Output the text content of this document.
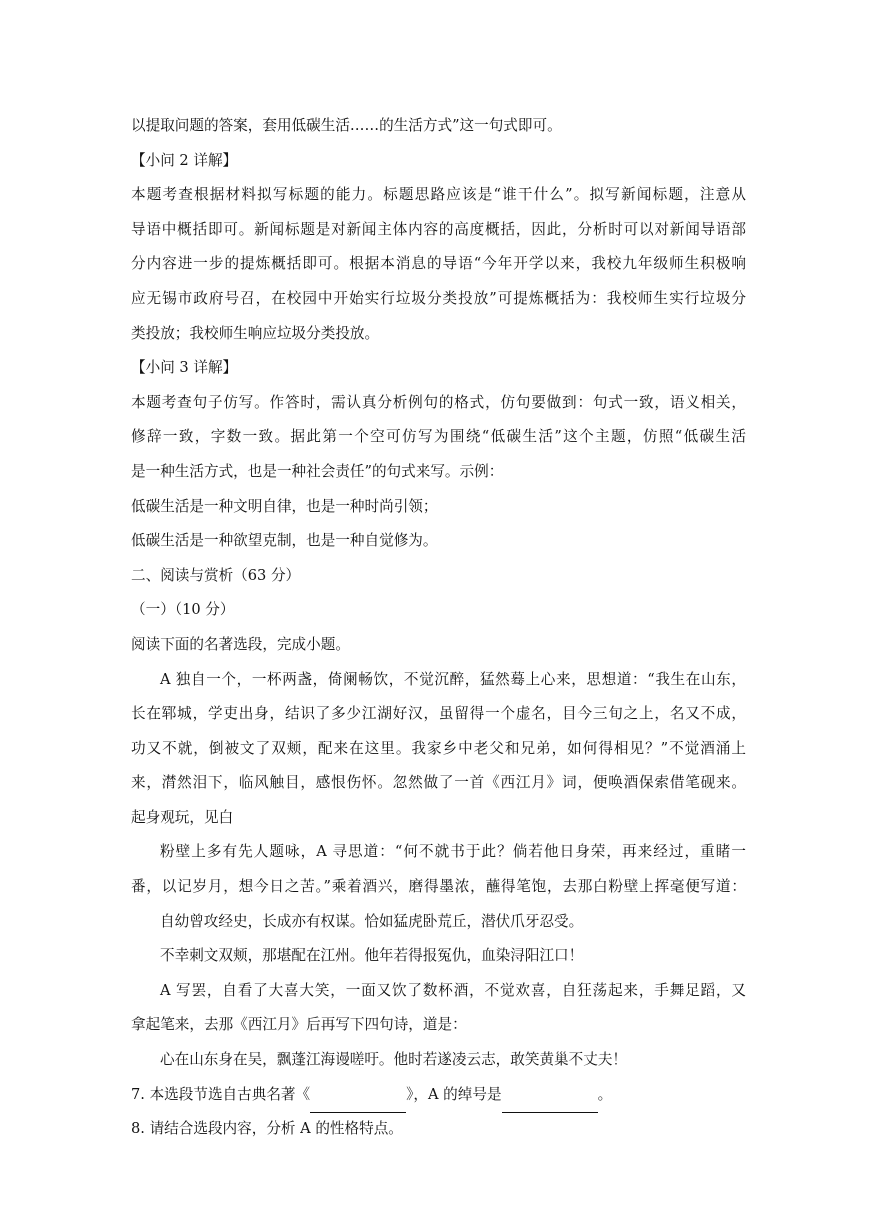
以提取问题的答案，套用低碳生活……的生活方式”这一句式即可。
【小问 2 详解】
本题考查根据材料拟写标题的能力。标题思路应该是“谁干什么”。拟写新闻标题，注意从
导语中概括即可。新闻标题是对新闻主体内容的高度概括，因此，分析时可以对新闻导语部
分内容进一步的提炼概括即可。根据本消息的导语“今年开学以来，我校九年级师生积极响
应无锡市政府号召，在校园中开始实行垃圾分类投放”可提炼概括为：我校师生实行垃圾分
类投放；我校师生响应垃圾分类投放。
【小问 3 详解】
本题考查句子仿写。作答时，需认真分析例句的格式，仿句要做到：句式一致，语义相关，
修辞一致，字数一致。据此第一个空可仿写为围绕“低碳生活”这个主题，仿照“低碳生活
是一种生活方式，也是一种社会责任”的句式来写。示例：
低碳生活是一种文明自律，也是一种时尚引领；
低碳生活是一种欲望克制，也是一种自觉修为。
二、阅读与赏析（63 分）
（一）（10 分）
阅读下面的名著选段，完成小题。
A 独自一个，一杯两盏，倚阑畅饮，不觉沉醉，猛然蓦上心来，思想道：“我生在山东，
长在郓城，学吏出身，结识了多少江湖好汉，虽留得一个虚名，目今三旬之上，名又不成，
功又不就，倒被文了双颊，配来在这里。我家乡中老父和兄弟，如何得相见？”不觉酒涌上
来，潸然泪下，临风触目，感恨伤怀。忽然做了一首《西江月》词，便唤酒保索借笔砚来。
起身观玩，见白
粉壁上多有先人题咏，A 寻思道：“何不就书于此？倘若他日身荣，再来经过，重睹一
番，以记岁月，想今日之苦。”乘着酒兴，磨得墨浓，蘸得笔饱，去那白粉壁上挥毫便写道：
自幼曾攻经史，长成亦有权谋。恰如猛虎卧荒丘，潜伏爪牙忍受。
不幸刺文双颊，那堪配在江州。他年若得报冤仇，血染浔阳江口！
A 写罢，自看了大喜大笑，一面又饮了数杯酒，不觉欢喜，自狂荡起来，手舞足蹈，又
拿起笔来，去那《西江月》后再写下四句诗，道是：
心在山东身在吴，飘蓬江海谩嗟吁。他时若遂凌云志，敢笑黄巢不丈夫！
7. 本选段节选自古典名著《	》，A 的绰号是	。
8. 请结合选段内容，分析 A 的性格特点。
